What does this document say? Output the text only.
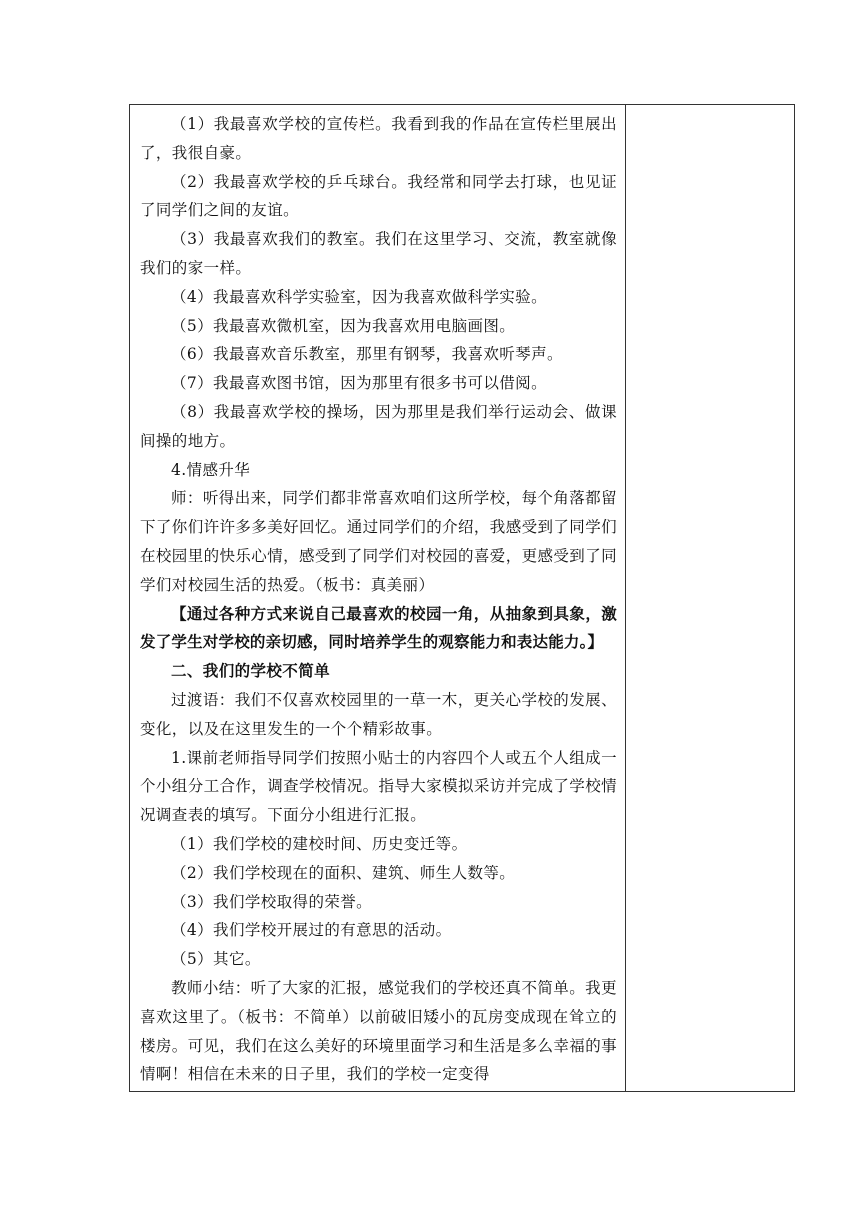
（1）我最喜欢学校的宣传栏。我看到我的作品在宣传栏里展出了，我很自豪。

（2）我最喜欢学校的乒乓球台。我经常和同学去打球，也见证了同学们之间的友谊。

（3）我最喜欢我们的教室。我们在这里学习、交流，教室就像我们的家一样。

（4）我最喜欢科学实验室，因为我喜欢做科学实验。

（5）我最喜欢微机室，因为我喜欢用电脑画图。

（6）我最喜欢音乐教室，那里有钢琴，我喜欢听琴声。

（7）我最喜欢图书馆，因为那里有很多书可以借阅。

（8）我最喜欢学校的操场，因为那里是我们举行运动会、做课间操的地方。

4.情感升华

师：听得出来，同学们都非常喜欢咱们这所学校，每个角落都留下了你们许许多多美好回忆。通过同学们的介绍，我感受到了同学们在校园里的快乐心情，感受到了同学们对校园的喜爱，更感受到了同学们对校园生活的热爱。（板书：真美丽）

【通过各种方式来说自己最喜欢的校园一角，从抽象到具象，激发了学生对学校的亲切感，同时培养学生的观察能力和表达能力。】

二、我们的学校不简单

过渡语：我们不仅喜欢校园里的一草一木，更关心学校的发展、变化，以及在这里发生的一个个精彩故事。

1.课前老师指导同学们按照小贴士的内容四个人或五个人组成一个小组分工合作，调查学校情况。指导大家模拟采访并完成了学校情况调查表的填写。下面分小组进行汇报。

（1）我们学校的建校时间、历史变迁等。

（2）我们学校现在的面积、建筑、师生人数等。

（3）我们学校取得的荣誉。

（4）我们学校开展过的有意思的活动。

（5）其它。

教师小结：听了大家的汇报，感觉我们的学校还真不简单。我更喜欢这里了。（板书：不简单）以前破旧矮小的瓦房变成现在耸立的楼房。可见，我们在这么美好的环境里面学习和生活是多么幸福的事情啊！相信在未来的日子里，我们的学校一定变得
